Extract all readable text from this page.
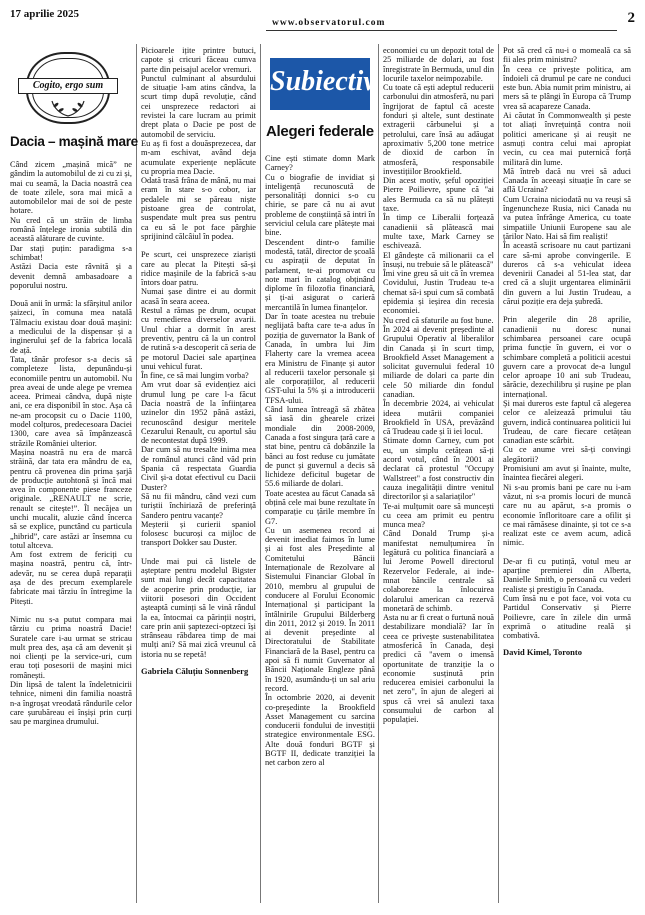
17 aprilie 2025
www.observatorul.com	2
Cogito, ergo sum
Dacia – mașină mare

Când zicem „mașină mică” ne gândim la automobilul de zi cu zi și, mai cu seamă, la Dacia noastră cea de toate zilele, sora mai mică a automobilelor mai de soi de peste hotare.

Nu cred că un străin de limba română înțelege ironia subtilă din această alăturare de cuvinte.

Dar stați puțin: paradigma s-a schimbat!

Astăzi Dacia este râvnită și a devenit demnă ambasadoare a poporului nostru.

Două anii în urmă: la sfârșitul anilor șaizeci, în comuna mea natală Tălmaciu existau doar două mașini: a medicului de la dispensar și a inginerului șef de la fabrica locală de ață.

Tata, tânăr profesor s-a decis să completeze lista, depunându-și economiile pentru un automobil. Nu prea aveai de unde alege pe vremea aceea. Primeai cândva, după niște ani, ce era disponibil în stoc. Așa că ne-am procopsit cu o Dacie 1100, model colțuros, predecesoara Daciei 1300, care avea să împânzească străzile României ulterior.

Mașina noastră nu era de marcă străină, dar tata era mândru de ea, pentru că provenea din prima șarjă de producție autohtonă și încă mai avea în componente piese franceze originale. „RENAULT ne scrie, renault se citește!”. Îl necăjea un unchi mucalit, aluzie când încerca să se explice, punctând cu particula „hibrid”, care astăzi ar însemna cu totul altceva.

Am fost extrem de fericiți cu mașina noastră, pentru că, într-adevăr, nu se cerea după reparații așa de des precum exemplarele fabricate mai târziu în întregime la Pitești.

Nimic nu s-a putut compara mai târziu cu prima noastră Dacie! Suratele care i-au urmat se stricau mult prea des, așa că am devenit și noi clienți pe la service-uri, cum erau toți posesorii de mașini mici românești.

Din lipsă de talent la îndeletnicirii tehnice, nimeni din familia noastră n-a îngroșat vreodată rândurile celor care șurubăreau ei înșiși prin curți sau pe marginea drumului.

Picioarele ițite printre butuci, capote și cricuri făceau cumva parte din peisajul acelor vremuri.

Punctul culminant al absurdului de situație l-am atins cândva, la scurt timp după revoluție, când cei unsprezece redactori ai revistei la care lucram au primit drept plata o Dacie pe post de automobil de serviciu.

Eu aș fi fost a douăsprezecea, dar m-am eschivat, având deja acumulate experiențe neplăcute cu propria mea Dacie.

Odată trasă frâna de mână, nu mai eram în stare s-o cobor, iar pedalele mi se păreau niște pistoane grea de controlat, suspendate mult prea sus pentru ca eu să le pot face pârghie sprijinind călcâiul în podea.

Pe scurt, cei unsprezece ziariști care au plecat la Pitești să-și ridice mașinile de la fabrică s-au întors doar patru.

Numai șase dintre ei au dormit acasă în seara aceea.

Restul a rămas pe drum, ocupat cu remedierea diverselor avarii. Unul chiar a dormit în arest preventiv, pentru că la un control de rutină s-a descoperit că seria de pe motorul Daciei sale aparținea unui vehicul furat.

În fine, ce să mai lungim vorba?

Am vrut doar să evidențiez aici drumul lung pe care l-a făcut Dacia noastră de la înființarea uzinelor din 1952 până astăzi, recunoscând desigur meritele Cezarului Renault, cu aportul său de necontestat după 1999.

Dar cum să nu tresalte inima mea de românul atunci când văd prin Spania că respectata Guardia Civil și-a dotat efectivul cu Dacii Duster?

Să nu fii mândru, când vezi cum turiștii închiriază de preferință Sandero pentru vacanțe?

Meșterii și curierii spaniol folosesc bucuroși ca mijloc de transport Dokker sau Duster.

Unde mai pui că listele de așteptare pentru modelul Bigster sunt mai lungi decât capacitatea de acoperire prin producție, iar viitorii posesori din Occident așteaptă cuminți să le vină rândul la ea, întocmai ca părinții noștri, care prin anii șaptezeci-optzeci își strânseau răbdarea timp de mai mulți ani? Să mai zică vreunul că istoria nu se repetă!

Gabriela Căluțiu Sonnenberg

Subiectiv
Alegeri federale

Cine ești stimate domn Mark Carney?

Cu o biografie de invidiat și inteligență recunoscută de personalități donnici s-o cu chirie, se pare că nu ai avut probleme de conștiință să intri în serviciul celula care plătește mai bine.

Descendent dintr-o familie modestă, tatăl, director de școală cu aspirații de deputat în parlament, te-ai promovat cu note mari în catalog obținând diplome în filozofia financiară, și ți-ai asigurat o carieră mercantilă în lumea finanțelor.

Dar în toate acestea nu trebuie neglijată bafta care te-a adus în poziția de guvernator la Bank of Canada, în umbra lui Jim Flaherty care la vremea aceea era Ministru de Finanțe și autor al reducerii taxelor personale și ale corporațiilor, al reducerii GST-ului la 5% și a introducerii TFSA-ului.

Când lumea întreagă să zbătea să iasă din ghearele crizei mondiale din 2008-2009, Canada a fost singura țară care a stat bine, pentru că dobânzile la bănci au fost reduse cu jumătate de punct și guvernul a decis să lichideze deficitul bugetar de 55.6 miliarde de dolari.

Toate acestea au făcut Canada să obțină cele mai bune rezultate în comparație cu țările membre în G7.

Cu un asemenea record ai devenit imediat faimos în lume și ai fost ales Președinte al Comitetului Băncii Internaționale de Rezolvare al Sistemului Financiar Global în 2010, membru al grupului de conducere al Forului Economic Internațional și participant la întâlnirile Grupului Bilderberg din 2011, 2012 și 2019. În 2011 ai devenit președinte al Directoratului de Stabilitate Financiară de la Basel, pentru ca apoi să fi numit Guvernator al Băncii Naționale Engleze până în 1920, asumându-ți un sal ariu record.

În octombrie 2020, ai devenit co-președinte la Brookfield Asset Management cu sarcina conducerii fondului de investiții strategice environmentale ESG. Alte două fonduri BGTF și BGTF II, dedicate tranziției la net carbon zero al

economiei cu un depozit total de 25 miliarde de dolari, au fost înregistrate în Bermuda, unul din locurile taxelor neimpozabile.

Cu toate că ești adeptul reducerii carbonului din atmosferă, nu pari îngrijorat de faptul că aceste fonduri și altele, sunt destinate extragerii cărbunelui și a petrolului, care însă au adăugat aproximativ 5,200 tone metrice de dioxid de carbon în atmosferă, responsabile investițiilor Brookfield.

Din acest motiv, șeful opoziției Pierre Poilievre, spune că "ai ales Bermuda ca să nu plătești taxe.

În timp ce Liberalii forțează canadienii să plătească mai multe taxe, Mark Carney se eschivează.

El gândește că milionarii ca el însuși, nu trebuie să le plătească"

Îmi vine greu să uit că în vremea Covidului, Justin Trudeau te-a chemat să-i spui cum să combată epidemia și ieșirea din recesia economiei.

Nu cred că sfaturile au fost bune.

În 2024 ai devenit președinte al Grupului Operativ al liberalilor din Canada și în scurt timp, Brookfield Asset Management a solicitat guvernului federal 10 miliarde de dolari ca parte din cele 50 miliarde din fondul canadian.

În decembrie 2024, ai vehiculat ideea mutării companiei Brookfield în USA, prevăzând că Trudeau cade și îi iei locul.

Stimate domn Carney, cum pot eu, un simplu cetățean să-ți acord votul, când în 2001 ai declarat că protestul "Occupy Wallstreet" a fost constructiv din cauza inegalității dintre venitul directorilor și a salariaților"

Te-ai mulțumit oare să muncești cu ceea am primit eu pentru munca mea?

Când Donald Trump și-a manifestat nemulțumirea în legătură cu politica financiară a lui Jerome Powell directorul Rezervelor Federale, ai inde-mnat băncile centrale să colaboreze la înlocuirea dolarului american ca rezervă monetară de schimb.

Asta nu ar fi creat o furtună nouă destabilizare mondială? Iar în ceea ce privește sustenabilitatea atmosferică în Canada, deși predici că "avem o imensă oportunitate de tranziție la o economie susținută prin reducerea emisiei carbonului la net zero", în ajun de alegeri ai spus că vrei să anulezi taxa consumului de carbon al populației.

Pot să cred că nu-i o momeală ca să fii ales prim ministru?

În ceea ce privește politica, am îndoieli că drumul pe care ne conduci este bun. Abia numit prim ministru, ai mers să te plângi în Europa că Trump vrea să acapareze Canada.

Ai căutat în Commonwealth și peste tot aliați învrețuință contra noii politici americane și ai reușit ne asmuți contra celui mai apropiat vecin, cu cea mai puternică forță militară din lume.

Mă întreb dacă nu vrei să aduci Canada în aceeași situație în care se află Ucraina?

Cum Ucraina niciodată nu va reuși să îngenuncheze Rusia, nici Canada nu va putea înfrânge America, cu toate simpatiile Uniunii Europene sau ale țărilor Nato. Hai să fim realiști!

În această scrisoare nu caut partizani care să-mi aprobe convingerile. E dureros că s-a vehiculat ideea devenirii Canadei al 51-lea stat, dar cred că a slujit urgentarea eliminării din guvern a lui Justin Trudeau, a cărui poziție era deja șubredă.

Prin alegerile din 28 aprilie, canadienii nu doresc nunai schimbarea persoanei care ocupă prima funcție în guvern, ei vor o schimbare completă a politicii acestui guvern care a provocat de-a lungul celor aproape 10 ani sub Trudeau, sărăcie, dezechilibru și rușine pe plan internațional.

Și mai dureros este faptul că alegerea celor ce aleizează primului tău guvern, indică continuarea politicii lui Trudeau, de care fiecare cetățean canadian este scârbit.

Cu ce anume vrei să-ți convingi alegătorii?

Promisiuni am avut și înainte, multe, înaintea fiecărei alegeri.

Ni s-au promis bani pe care nu i-am văzut, ni s-a promis locuri de muncă care nu au apărut, s-a promis o economie înfloritoare care a ofilit și ce mai rămăsese dinainte, și tot ce s-a realizat este ce avem acum, adică nimic.

De-ar fi cu putință, votul meu ar aparține premierei din Alberta, Danielle Smith, o persoană cu vederi realiste și prestigiu în Canada.

Cum însă nu e pot face, voi vota cu Partidul Conservativ și Pierre Poilievre, care în zilele din urmă exprimă o atitudine reală și combativă.

David Kimel, Toronto
